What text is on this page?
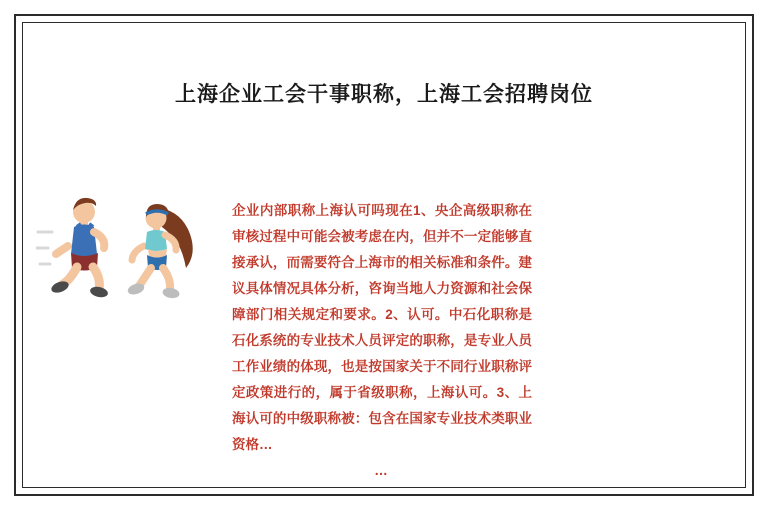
上海企业工会干事职称，上海工会招聘岗位
企业内部职称上海认可吗现在1、央企高级职称在审核过程中可能会被考虑在内，但并不一定能够直接承认，而需要符合上海市的相关标准和条件。建议具体情况具体分析，咨询当地人力资源和社会保障部门相关规定和要求。2、认可。中石化职称是石化系统的专业技术人员评定的职称，是专业人员工作业绩的体现，也是按国家关于不同行业职称评定政策进行的，属于省级职称，上海认可。3、上海认可的中级职称被：包含在国家专业技术类职业资格…
…
